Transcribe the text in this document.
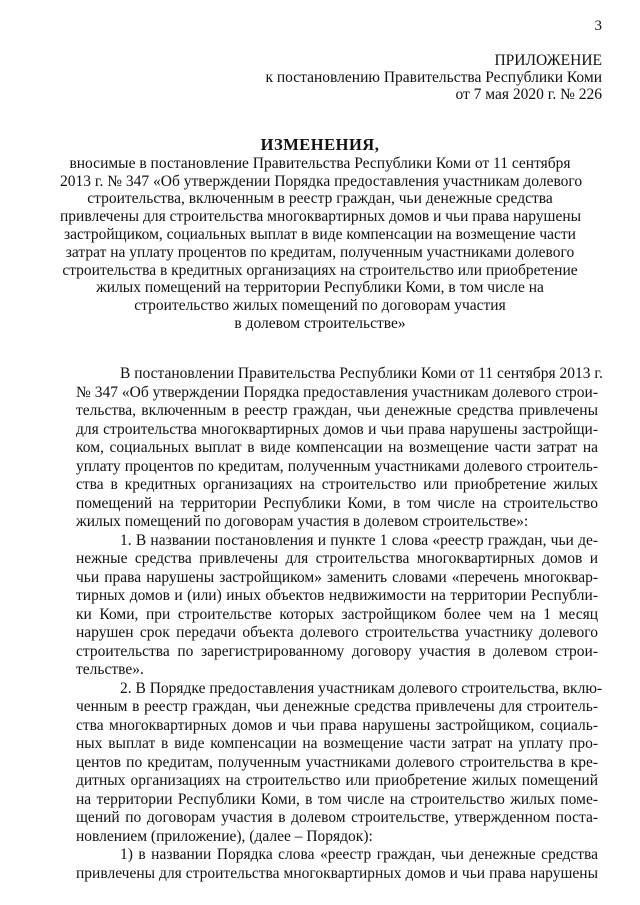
3
ПРИЛОЖЕНИЕ
к постановлению Правительства Республики Коми
от 7 мая 2020 г. № 226
ИЗМЕНЕНИЯ,
вносимые в постановление Правительства Республики Коми от 11 сентября
2013 г. № 347 «Об утверждении Порядка предоставления участникам долевого
строительства, включенным в реестр граждан, чьи денежные средства
привлечены для строительства многоквартирных домов и чьи права нарушены
застройщиком, социальных выплат в виде компенсации на возмещение части
затрат на уплату процентов по кредитам, полученным участниками долевого
строительства в кредитных организациях на строительство или приобретение
жилых помещений на территории Республики Коми, в том числе на
строительство жилых помещений по договорам участия
в долевом строительстве»
В постановлении Правительства Республики Коми от 11 сентября 2013 г.
№ 347 «Об утверждении Порядка предоставления участникам долевого строи-
тельства, включенным в реестр граждан, чьи денежные средства привлечены
для строительства многоквартирных домов и чьи права нарушены застройщи-
ком, социальных выплат в виде компенсации на возмещение части затрат на
уплату процентов по кредитам, полученным участниками долевого строитель-
ства в кредитных организациях на строительство или приобретение жилых
помещений на территории Республики Коми, в том числе на строительство
жилых помещений по договорам участия в долевом строительстве»:
1. В названии постановления и пункте 1 слова «реестр граждан, чьи де-
нежные средства привлечены для строительства многоквартирных домов и
чьи права нарушены застройщиком» заменить словами «перечень многоквар-
тирных домов и (или) иных объектов недвижимости на территории Республи-
ки Коми, при строительстве которых застройщиком более чем на 1 месяц
нарушен срок передачи объекта долевого строительства участнику долевого
строительства по зарегистрированному договору участия в долевом строи-
тельстве».
2. В Порядке предоставления участникам долевого строительства, вклю-
ченным в реестр граждан, чьи денежные средства привлечены для строитель-
ства многоквартирных домов и чьи права нарушены застройщиком, социаль-
ных выплат в виде компенсации на возмещение части затрат на уплату про-
центов по кредитам, полученным участниками долевого строительства в кре-
дитных организациях на строительство или приобретение жилых помещений
на территории Республики Коми, в том числе на строительство жилых поме-
щений по договорам участия в долевом строительстве, утвержденном поста-
новлением (приложение), (далее – Порядок):
1) в названии Порядка слова «реестр граждан, чьи денежные средства
привлечены для строительства многоквартирных домов и чьи права нарушены
